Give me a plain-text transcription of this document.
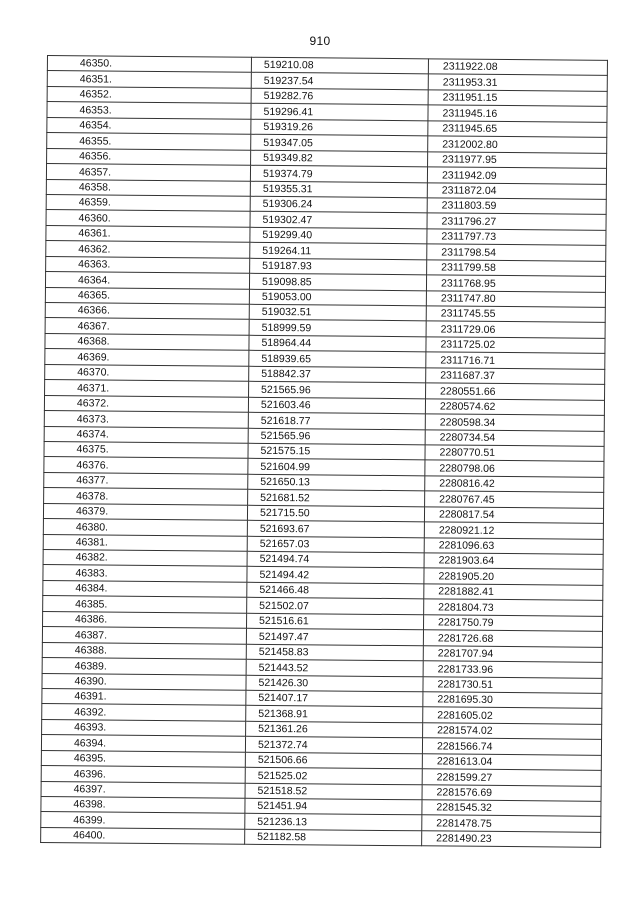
910
46350.	519210.08	2311922.08
46351.	519237.54	2311953.31
46352.	519282.76	2311951.15
46353.	519296.41	2311945.16
46354.	519319.26	2311945.65
46355.	519347.05	2312002.80
46356.	519349.82	2311977.95
46357.	519374.79	2311942.09
46358.	519355.31	2311872.04
46359.	519306.24	2311803.59
46360.	519302.47	2311796.27
46361.	519299.40	2311797.73
46362.	519264.11	2311798.54
46363.	519187.93	2311799.58
46364.	519098.85	2311768.95
46365.	519053.00	2311747.80
46366.	519032.51	2311745.55
46367.	518999.59	2311729.06
46368.	518964.44	2311725.02
46369.	518939.65	2311716.71
46370.	518842.37	2311687.37
46371.	521565.96	2280551.66
46372.	521603.46	2280574.62
46373.	521618.77	2280598.34
46374.	521565.96	2280734.54
46375.	521575.15	2280770.51
46376.	521604.99	2280798.06
46377.	521650.13	2280816.42
46378.	521681.52	2280767.45
46379.	521715.50	2280817.54
46380.	521693.67	2280921.12
46381.	521657.03	2281096.63
46382.	521494.74	2281903.64
46383.	521494.42	2281905.20
46384.	521466.48	2281882.41
46385.	521502.07	2281804.73
46386.	521516.61	2281750.79
46387.	521497.47	2281726.68
46388.	521458.83	2281707.94
46389.	521443.52	2281733.96
46390.	521426.30	2281730.51
46391.	521407.17	2281695.30
46392.	521368.91	2281605.02
46393.	521361.26	2281574.02
46394.	521372.74	2281566.74
46395.	521506.66	2281613.04
46396.	521525.02	2281599.27
46397.	521518.52	2281576.69
46398.	521451.94	2281545.32
46399.	521236.13	2281478.75
46400.	521182.58	2281490.23
